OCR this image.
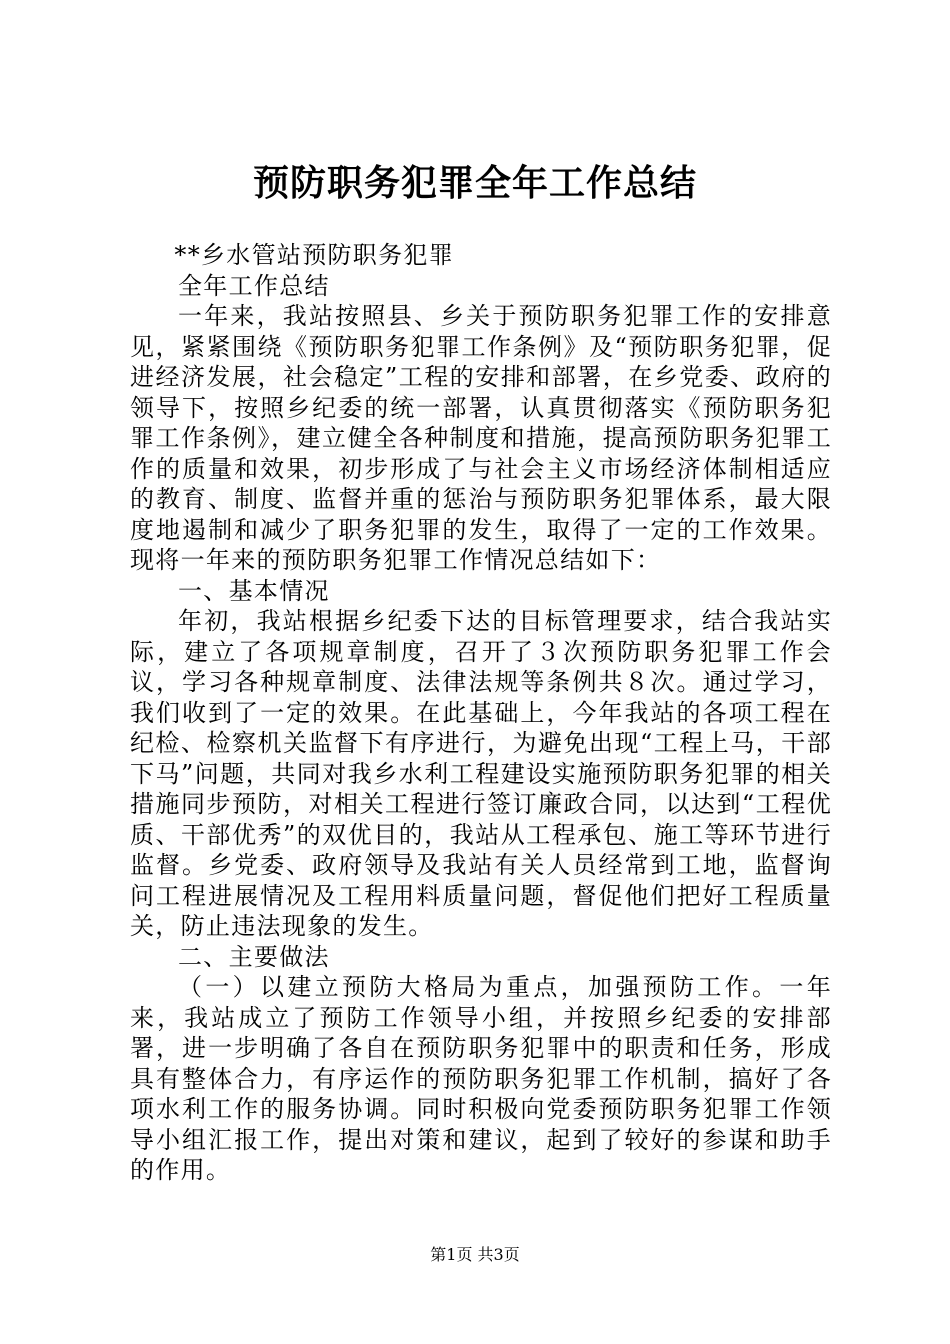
预防职务犯罪全年工作总结

**乡水管站预防职务犯罪

全年工作总结

一年来，我站按照县、乡关于预防职务犯罪工作的安排意见，紧紧围绕《预防职务犯罪工作条例》及“预防职务犯罪，促进经济发展，社会稳定”工程的安排和部署，在乡党委、政府的领导下，按照乡纪委的统一部署，认真贯彻落实《预防职务犯罪工作条例》，建立健全各种制度和措施，提高预防职务犯罪工作的质量和效果，初步形成了与社会主义市场经济体制相适应的教育、制度、监督并重的惩治与预防职务犯罪体系，最大限度地遏制和减少了职务犯罪的发生，取得了一定的工作效果。现将一年来的预防职务犯罪工作情况总结如下：

一、基本情况

年初，我站根据乡纪委下达的目标管理要求，结合我站实际，建立了各项规章制度，召开了３次预防职务犯罪工作会议，学习各种规章制度、法律法规等条例共８次。通过学习，我们收到了一定的效果。在此基础上，今年我站的各项工程在纪检、检察机关监督下有序进行，为避免出现“工程上马，干部下马”问题，共同对我乡水利工程建设实施预防职务犯罪的相关措施同步预防，对相关工程进行签订廉政合同，以达到“工程优质、干部优秀”的双优目的，我站从工程承包、施工等环节进行监督。乡党委、政府领导及我站有关人员经常到工地，监督询问工程进展情况及工程用料质量问题，督促他们把好工程质量关，防止违法现象的发生。

二、主要做法

（一）以建立预防大格局为重点，加强预防工作。一年来，我站成立了预防工作领导小组，并按照乡纪委的安排部署，进一步明确了各自在预防职务犯罪中的职责和任务，形成具有整体合力，有序运作的预防职务犯罪工作机制，搞好了各项水利工作的服务协调。同时积极向党委预防职务犯罪工作领导小组汇报工作，提出对策和建议，起到了较好的参谋和助手的作用。

第1页 共3页
